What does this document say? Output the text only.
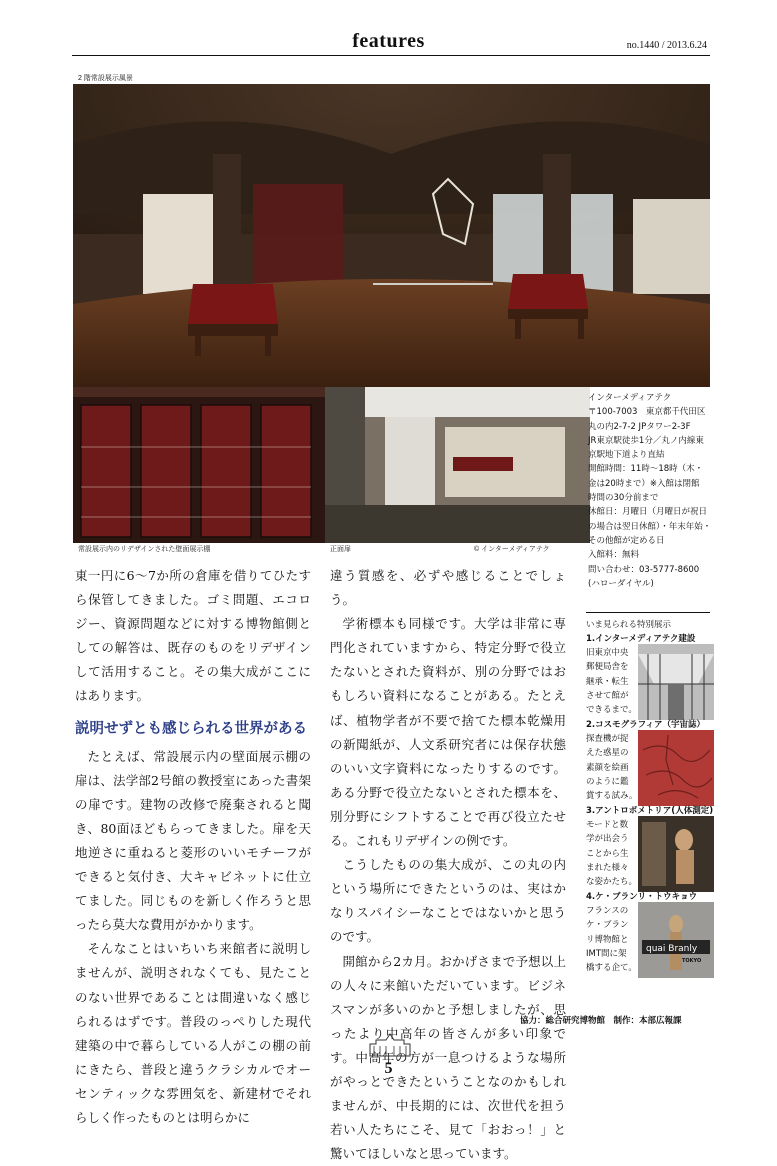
features	no.1440 / 2013.6.24
2 階常設展示風景
常設展示内のリデザインされた壁面展示棚	正面扉	© インターメディアテク

インターメディアテク

〒100-7003　東京都千代田区

丸の内2-7-2 JPタワー2-3F

JR東京駅徒歩1分／丸ノ内線東

京駅地下道より直結

開館時間：11時～18時（木・

金は20時まで）※入館は閉館

時間の30分前まで

休館日：月曜日（月曜日が祝日

の場合は翌日休館）・年末年始・

その他館が定める日

入館料：無料

問い合わせ：03-5777-8600

(ハローダイヤル)

いま見られる特別展示
1.インターメディアテク建設
旧東京中央
郵便局舎を
継承・転生
させて館が
できるまで。
2.コスモグラフィア（宇宙誌）
探査機が捉
えた惑星の
素顔を絵画
のように鑑
賞する試み。
3.アントロポメトリア(人体測定)
モードと数
学が出会う
ことから生
まれた様々
な姿かたち。
4.ケ・ブランリ・トウキョウ
フランスの
ケ・ブラン
リ博物館と
IMT間に架
橋する企て。
quai Branly
TOKYO

東一円に6～7か所の倉庫を借りてひたすら保管してきました。ゴミ問題、エコロジー、資源問題などに対する博物館側としての解答は、既存のものをリデザインして活用すること。その集大成がここにはあります。

説明せずとも感じられる世界がある

たとえば、常設展示内の壁面展示棚の扉は、法学部2号館の教授室にあった書架の扉です。建物の改修で廃棄されると聞き、80面ほどもらってきました。扉を天地逆さに重ねると菱形のいいモチーフができると気付き、大キャビネットに仕立てました。同じものを新しく作ろうと思ったら莫大な費用がかかります。

そんなことはいちいち来館者に説明しませんが、説明されなくても、見たことのない世界であることは間違いなく感じられるはずです。普段のっぺりした現代建築の中で暮らしている人がこの棚の前にきたら、普段と違うクラシカルでオーセンティックな雰囲気を、新建材でそれらしく作ったものとは明らかに

違う質感を、必ずや感じることでしょう。

学術標本も同様です。大学は非常に専門化されていますから、特定分野で役立たないとされた資料が、別の分野ではおもしろい資料になることがある。たとえば、植物学者が不要で捨てた標本乾燥用の新聞紙が、人文系研究者には保存状態のいい文字資料になったりするのです。ある分野で役立たないとされた標本を、別分野にシフトすることで再び役立たせる。これもリデザインの例です。

こうしたものの集大成が、この丸の内という場所にできたというのは、実はかなりスパイシーなことではないかと思うのです。

開館から2カ月。おかげさまで予想以上の人々に来館いただいています。ビジネスマンが多いのかと予想しましたが、思ったより中高年の皆さんが多い印象です。中高年の方が一息つけるような場所がやっとできたということなのかもしれませんが、中長期的には、次世代を担う若い人たちにこそ、見て「おおっ！」と驚いてほしいなと思っています。

協力：総合研究博物館　制作：本部広報課
5
